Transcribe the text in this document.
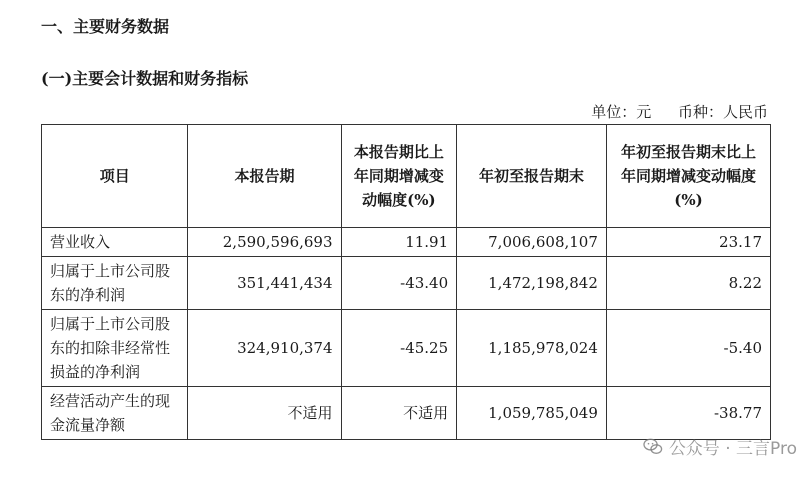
一、主要财务数据
(一)主要会计数据和财务指标
单位：元 币种：人民币
项目	本报告期	本报告期比上年同期增减变动幅度(%)	年初至报告期末	年初至报告期末比上年同期增减变动幅度(%)
营业收入	2,590,596,693	11.91	7,006,608,107	23.17
归属于上市公司股东的净利润	351,441,434	-43.40	1,472,198,842	8.22
归属于上市公司股东的扣除非经常性损益的净利润	324,910,374	-45.25	1,185,978,024	-5.40
经营活动产生的现金流量净额	不适用	不适用	1,059,785,049	-38.77
公众号 · 三言Pro
